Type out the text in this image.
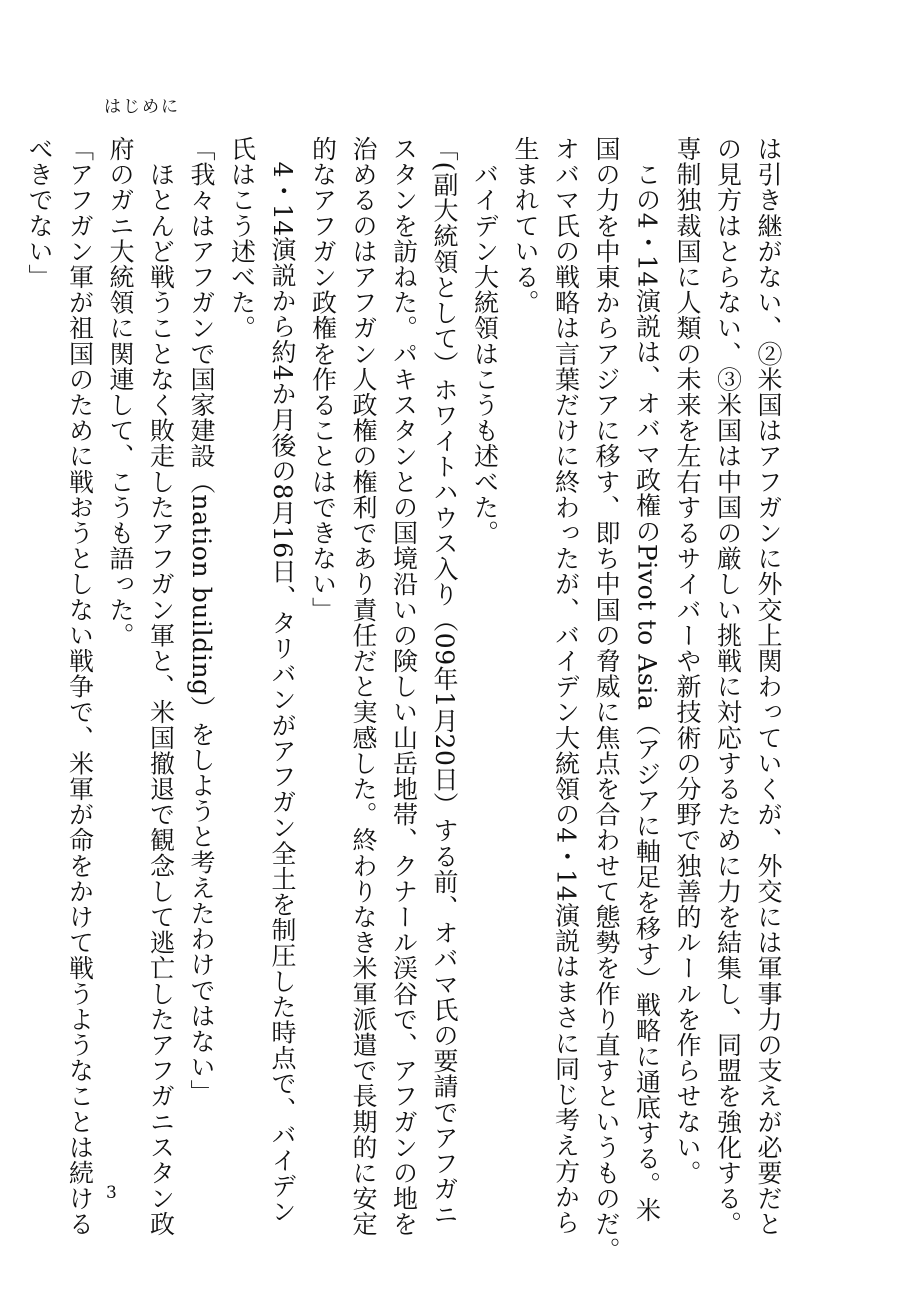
はじめに
は引き継がない、②米国はアフガンに外交上関わっていくが、外交には軍事力の支えが必要だと
の見方はとらない、③米国は中国の厳しい挑戦に対応するために力を結集し、同盟を強化する。
専制独裁国に人類の未来を左右するサイバーや新技術の分野で独善的ルールを作らせない。
　この4・14演説は、オバマ政権のPivot to Asia（アジアに軸足を移す）戦略に通底する。米
国の力を中東からアジアに移す、即ち中国の脅威に焦点を合わせて態勢を作り直すというものだ。
オバマ氏の戦略は言葉だけに終わったが、バイデン大統領の4・14演説はまさに同じ考え方から
生まれている。
　バイデン大統領はこうも述べた。
「(副大統領として）ホワイトハウス入り（09年1月20日）する前、オバマ氏の要請でアフガニ
スタンを訪ねた。パキスタンとの国境沿いの険しい山岳地帯、クナール渓谷で、アフガンの地を
治めるのはアフガン人政権の権利であり責任だと実感した。終わりなき米軍派遣で長期的に安定
的なアフガン政権を作ることはできない」
　4・14演説から約4か月後の8月16日、タリバンがアフガン全土を制圧した時点で、バイデン
氏はこう述べた。
「我々はアフガンで国家建設（nation building）をしようと考えたわけではない」
　ほとんど戦うことなく敗走したアフガン軍と、米国撤退で観念して逃亡したアフガニスタン政
府のガニ大統領に関連して、こうも語った。
「アフガン軍が祖国のために戦おうとしない戦争で、米軍が命をかけて戦うようなことは続ける
べきでない」
3
